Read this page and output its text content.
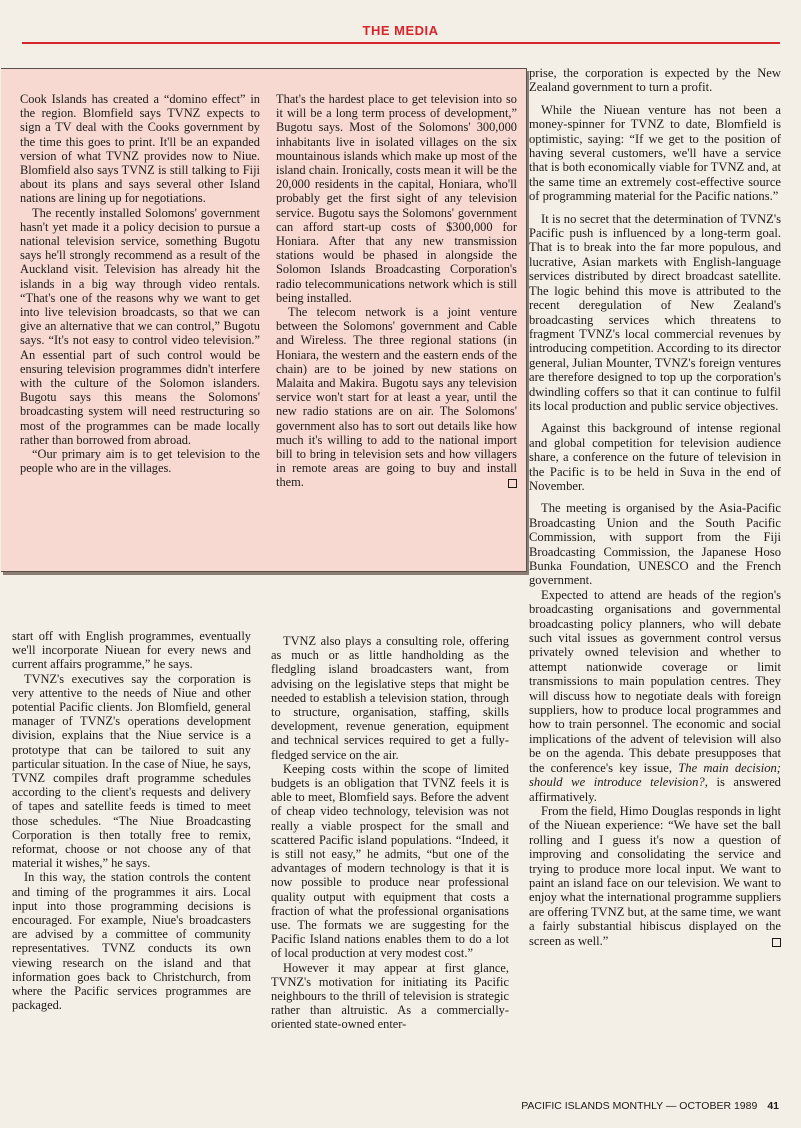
THE MEDIA

Cook Islands has created a “domino effect” in the region. Blomfield says TVNZ expects to sign a TV deal with the Cooks government by the time this goes to print. It'll be an expanded version of what TVNZ provides now to Niue. Blomfield also says TVNZ is still talking to Fiji about its plans and says several other Island nations are lining up for negotiations.

The recently installed Solomons' government hasn't yet made it a policy decision to pursue a national television service, something Bugotu says he'll strongly recommend as a result of the Auckland visit. Television has already hit the islands in a big way through video rentals. “That's one of the reasons why we want to get into live television broadcasts, so that we can give an alternative that we can control,” Bugotu says. “It's not easy to control video television.” An essential part of such control would be ensuring television programmes didn't interfere with the culture of the Solomon islanders. Bugotu says this means the Solomons' broadcasting system will need restructuring so most of the programmes can be made locally rather than borrowed from abroad.

“Our primary aim is to get television to the people who are in the villages.

That's the hardest place to get television into so it will be a long term process of development,” Bugotu says. Most of the Solomons' 300,000 inhabitants live in isolated villages on the six mountainous islands which make up most of the island chain. Ironically, costs mean it will be the 20,000 residents in the capital, Honiara, who'll probably get the first sight of any television service. Bugotu says the Solomons' government can afford start-up costs of $300,000 for Honiara. After that any new transmission stations would be phased in alongside the Solomon Islands Broadcasting Corporation's radio telecommunications network which is still being installed.

The telecom network is a joint venture between the Solomons' government and Cable and Wireless. The three regional stations (in Honiara, the western and the eastern ends of the chain) are to be joined by new stations on Malaita and Makira. Bugotu says any television service won't start for at least a year, until the new radio stations are on air. The Solomons' government also has to sort out details like how much it's willing to add to the national import bill to bring in television sets and how villagers in remote areas are going to buy and install them.

start off with English programmes, eventually we'll incorporate Niuean for every news and current affairs programme,” he says.

TVNZ's executives say the corporation is very attentive to the needs of Niue and other potential Pacific clients. Jon Blomfield, general manager of TVNZ's operations development division, explains that the Niue service is a prototype that can be tailored to suit any particular situation. In the case of Niue, he says, TVNZ compiles draft programme schedules according to the client's requests and delivery of tapes and satellite feeds is timed to meet those schedules. “The Niue Broadcasting Corporation is then totally free to remix, reformat, choose or not choose any of that material it wishes,” he says.

In this way, the station controls the content and timing of the programmes it airs. Local input into those programming decisions is encouraged. For example, Niue's broadcasters are advised by a committee of community representatives. TVNZ conducts its own viewing research on the island and that information goes back to Christchurch, from where the Pacific services programmes are packaged.

TVNZ also plays a consulting role, offering as much or as little handholding as the fledgling island broadcasters want, from advising on the legislative steps that might be needed to establish a television station, through to structure, organisation, staffing, skills development, revenue generation, equipment and technical services required to get a fully-fledged service on the air.

Keeping costs within the scope of limited budgets is an obligation that TVNZ feels it is able to meet, Blomfield says. Before the advent of cheap video technology, television was not really a viable prospect for the small and scattered Pacific island populations. “Indeed, it is still not easy,” he admits, “but one of the advantages of modern technology is that it is now possible to produce near professional quality output with equipment that costs a fraction of what the professional organisations use. The formats we are suggesting for the Pacific Island nations enables them to do a lot of local production at very modest cost.”

However it may appear at first glance, TVNZ's motivation for initiating its Pacific neighbours to the thrill of television is strategic rather than altruistic. As a commercially-oriented state-owned enter-

prise, the corporation is expected by the New Zealand government to turn a profit.

While the Niuean venture has not been a money-spinner for TVNZ to date, Blomfield is optimistic, saying: “If we get to the position of having several customers, we'll have a service that is both economically viable for TVNZ and, at the same time an extremely cost-effective source of programming material for the Pacific nations.”

It is no secret that the determination of TVNZ's Pacific push is influenced by a long-term goal. That is to break into the far more populous, and lucrative, Asian markets with English-language services distributed by direct broadcast satellite. The logic behind this move is attributed to the recent deregulation of New Zealand's broadcasting services which threatens to fragment TVNZ's local commercial revenues by introducing competition. According to its director general, Julian Mounter, TVNZ's foreign ventures are therefore designed to top up the corporation's dwindling coffers so that it can continue to fulfil its local production and public service objectives.

Against this background of intense regional and global competition for television audience share, a conference on the future of television in the Pacific is to be held in Suva in the end of November.

The meeting is organised by the Asia-Pacific Broadcasting Union and the South Pacific Commission, with support from the Fiji Broadcasting Commission, the Japanese Hoso Bunka Foundation, UNESCO and the French government.

Expected to attend are heads of the region's broadcasting organisations and governmental broadcasting policy planners, who will debate such vital issues as government control versus privately owned television and whether to attempt nationwide coverage or limit transmissions to main population centres. They will discuss how to negotiate deals with foreign suppliers, how to produce local programmes and how to train personnel. The economic and social implications of the advent of television will also be on the agenda. This debate presupposes that the conference's key issue, The main decision; should we introduce television?, is answered affirmatively.

From the field, Himo Douglas responds in light of the Niuean experience: “We have set the ball rolling and I guess it's now a question of improving and consolidating the service and trying to produce more local input. We want to paint an island face on our television. We want to enjoy what the international programme suppliers are offering TVNZ but, at the same time, we want a fairly substantial hibiscus displayed on the screen as well.”

PACIFIC ISLANDS MONTHLY — OCTOBER 1989 41
